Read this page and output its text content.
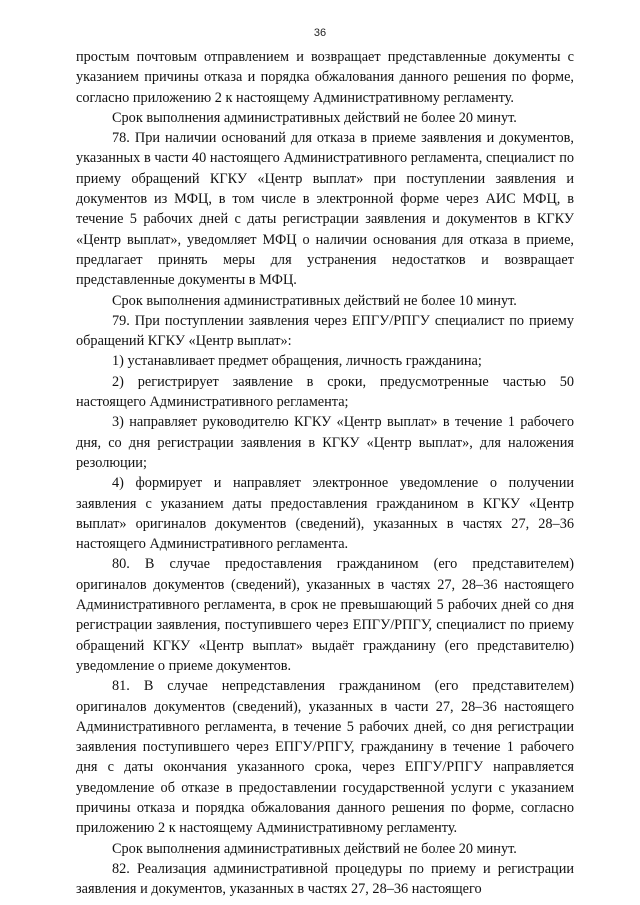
36

простым почтовым отправлением и возвращает представленные документы с указанием причины отказа и порядка обжалования данного решения по форме, согласно приложению 2 к настоящему Административному регламенту.

Срок выполнения административных действий не более 20 минут.

78. При наличии оснований для отказа в приеме заявления и документов, указанных в части 40 настоящего Административного регламента, специалист по приему обращений КГКУ «Центр выплат» при поступлении заявления и документов из МФЦ, в том числе в электронной форме через АИС МФЦ, в течение 5 рабочих дней с даты регистрации заявления и документов в КГКУ «Центр выплат», уведомляет МФЦ о наличии основания для отказа в приеме, предлагает принять меры для устранения недостатков и возвращает представленные документы в МФЦ.

Срок выполнения административных действий не более 10 минут.

79. При поступлении заявления через ЕПГУ/РПГУ специалист по приему обращений КГКУ «Центр выплат»:

1) устанавливает предмет обращения, личность гражданина;

2) регистрирует заявление в сроки, предусмотренные частью 50 настоящего Административного регламента;

3) направляет руководителю КГКУ «Центр выплат» в течение 1 рабочего дня, со дня регистрации заявления в КГКУ «Центр выплат», для наложения резолюции;

4) формирует и направляет электронное уведомление о получении заявления с указанием даты предоставления гражданином в КГКУ «Центр выплат» оригиналов документов (сведений), указанных в частях 27, 28–36 настоящего Административного регламента.

80. В случае предоставления гражданином (его представителем) оригиналов документов (сведений), указанных в частях 27, 28–36 настоящего Административного регламента, в срок не превышающий 5 рабочих дней со дня регистрации заявления, поступившего через ЕПГУ/РПГУ, специалист по приему обращений КГКУ «Центр выплат» выдаёт гражданину (его представителю) уведомление о приеме документов.

81. В случае непредставления гражданином (его представителем) оригиналов документов (сведений), указанных в части 27, 28–36 настоящего Административного регламента, в течение 5 рабочих дней, со дня регистрации заявления поступившего через ЕПГУ/РПГУ, гражданину в течение 1 рабочего дня с даты окончания указанного срока, через ЕПГУ/РПГУ направляется уведомление об отказе в предоставлении государственной услуги с указанием причины отказа и порядка обжалования данного решения по форме, согласно приложению 2 к настоящему Административному регламенту.

Срок выполнения административных действий не более 20 минут.

82. Реализация административной процедуры по приему и регистрации заявления и документов, указанных в частях 27, 28–36 настоящего
